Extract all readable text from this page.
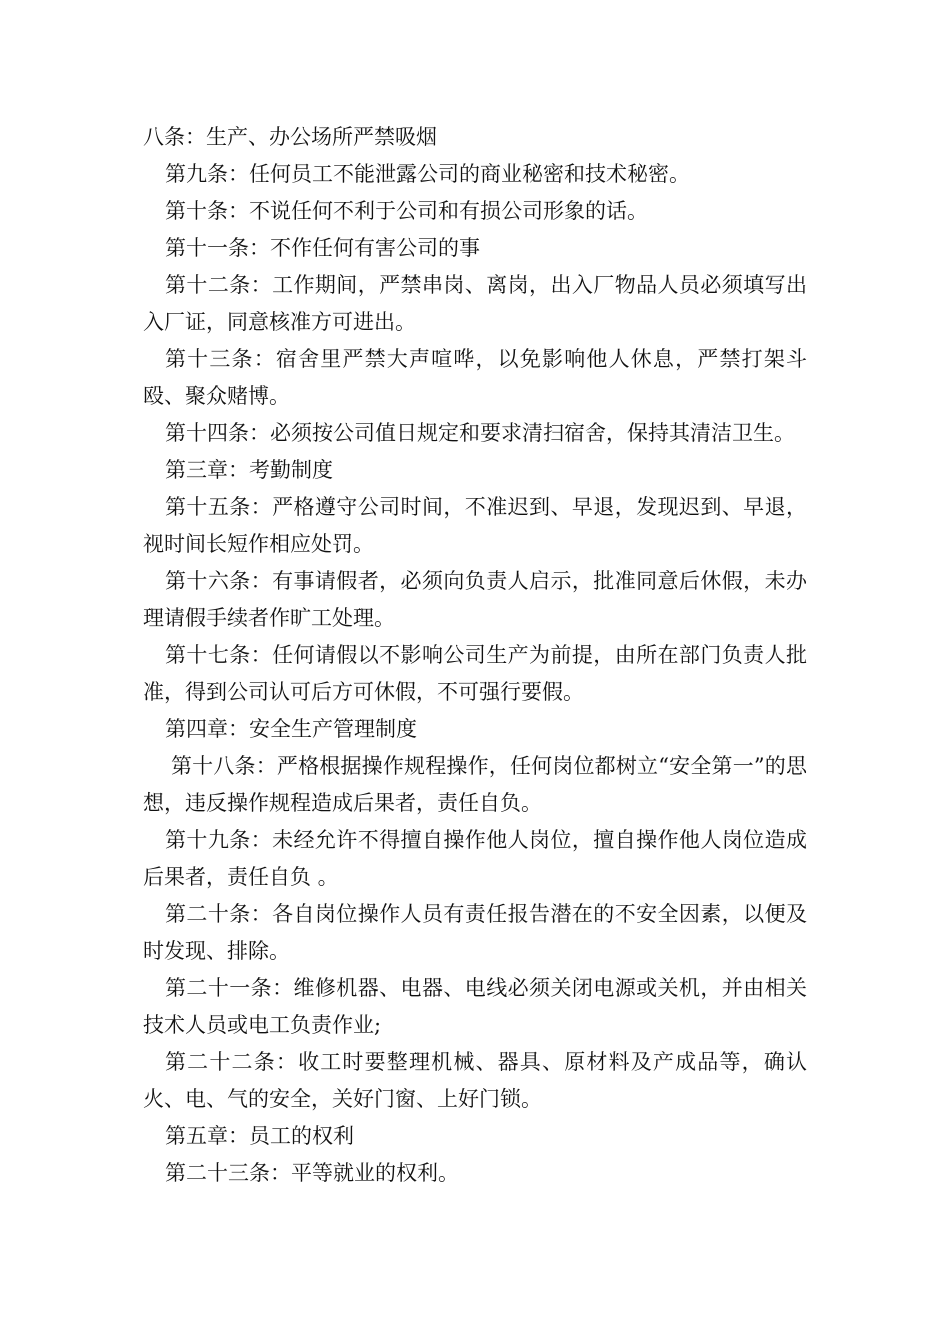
八条：生产、办公场所严禁吸烟

第九条：任何员工不能泄露公司的商业秘密和技术秘密。

第十条：不说任何不利于公司和有损公司形象的话。

第十一条：不作任何有害公司的事

第十二条：工作期间，严禁串岗、离岗，出入厂物品人员必须填写出入厂证，同意核准方可进出。

第十三条：宿舍里严禁大声喧哗，以免影响他人休息，严禁打架斗殴、聚众赌博。

第十四条：必须按公司值日规定和要求清扫宿舍，保持其清洁卫生。

第三章：考勤制度

第十五条：严格遵守公司时间，不准迟到、早退，发现迟到、早退，视时间长短作相应处罚。

第十六条：有事请假者，必须向负责人启示，批准同意后休假，未办理请假手续者作旷工处理。

第十七条：任何请假以不影响公司生产为前提，由所在部门负责人批准，得到公司认可后方可休假，不可强行要假。

第四章：安全生产管理制度

第十八条：严格根据操作规程操作，任何岗位都树立“安全第一”的思想，违反操作规程造成后果者，责任自负。

第十九条：未经允许不得擅自操作他人岗位，擅自操作他人岗位造成后果者，责任自负 。

第二十条：各自岗位操作人员有责任报告潜在的不安全因素，以便及时发现、排除。

第二十一条：维修机器、电器、电线必须关闭电源或关机，并由相关技术人员或电工负责作业;

第二十二条：收工时要整理机械、器具、原材料及产成品等，确认火、电、气的安全，关好门窗、上好门锁。

第五章：员工的权利

第二十三条：平等就业的权利。
